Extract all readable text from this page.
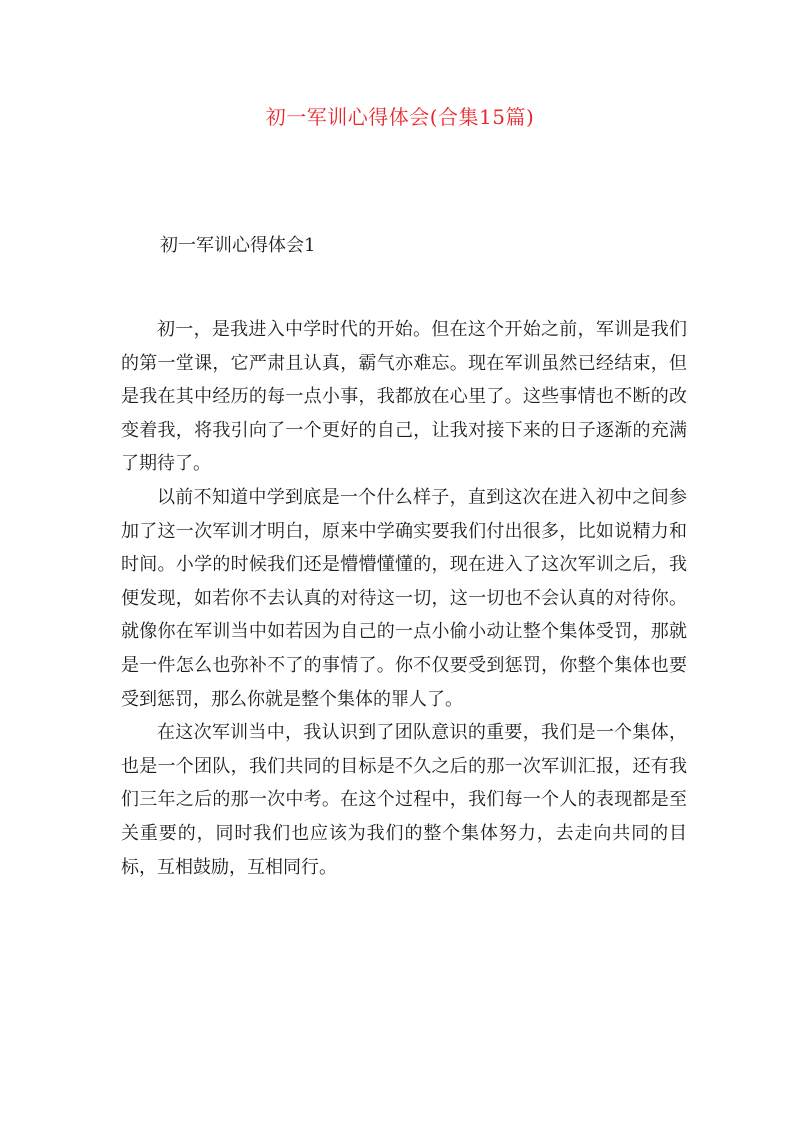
初一军训心得体会(合集15篇)
初一军训心得体会1

初一，是我进入中学时代的开始。但在这个开始之前，军训是我们的第一堂课，它严肃且认真，霸气亦难忘。现在军训虽然已经结束，但是我在其中经历的每一点小事，我都放在心里了。这些事情也不断的改变着我，将我引向了一个更好的自己，让我对接下来的日子逐渐的充满了期待了。

以前不知道中学到底是一个什么样子，直到这次在进入初中之间参加了这一次军训才明白，原来中学确实要我们付出很多，比如说精力和时间。小学的时候我们还是懵懵懂懂的，现在进入了这次军训之后，我便发现，如若你不去认真的对待这一切，这一切也不会认真的对待你。就像你在军训当中如若因为自己的一点小偷小动让整个集体受罚，那就是一件怎么也弥补不了的事情了。你不仅要受到惩罚，你整个集体也要受到惩罚，那么你就是整个集体的罪人了。

在这次军训当中，我认识到了团队意识的重要，我们是一个集体，也是一个团队，我们共同的目标是不久之后的那一次军训汇报，还有我们三年之后的那一次中考。在这个过程中，我们每一个人的表现都是至关重要的，同时我们也应该为我们的整个集体努力，去走向共同的目标，互相鼓励，互相同行。
